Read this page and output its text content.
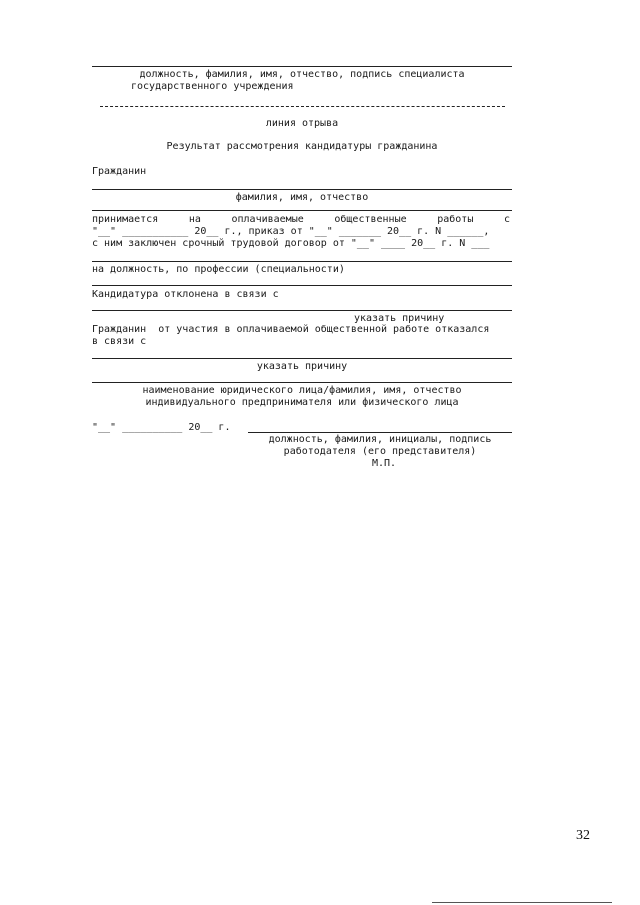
должность, фамилия, имя, отчество, подпись специалиста
государственного учреждения
линия отрыва
Результат рассмотрения кандидатуры гражданина
Гражданин
фамилия, имя, отчество
принимается	на	оплачиваемые	общественные	работы	с
"__" ___________ 20__ г., приказ от "__" _______ 20__ г. N ______,
с ним заключен срочный трудовой договор от "__" ____ 20__ г. N ___
на должность, по профессии (специальности)
Кандидатура отклонена в связи с
указать причину
Гражданин  от участия в оплачиваемой общественной работе отказался
в связи с
указать причину
наименование юридического лица/фамилия, имя, отчество
индивидуального предпринимателя или физического лица
"__" __________ 20__ г.
должность, фамилия, инициалы, подпись
работодателя (его представителя)
М.П.
32
